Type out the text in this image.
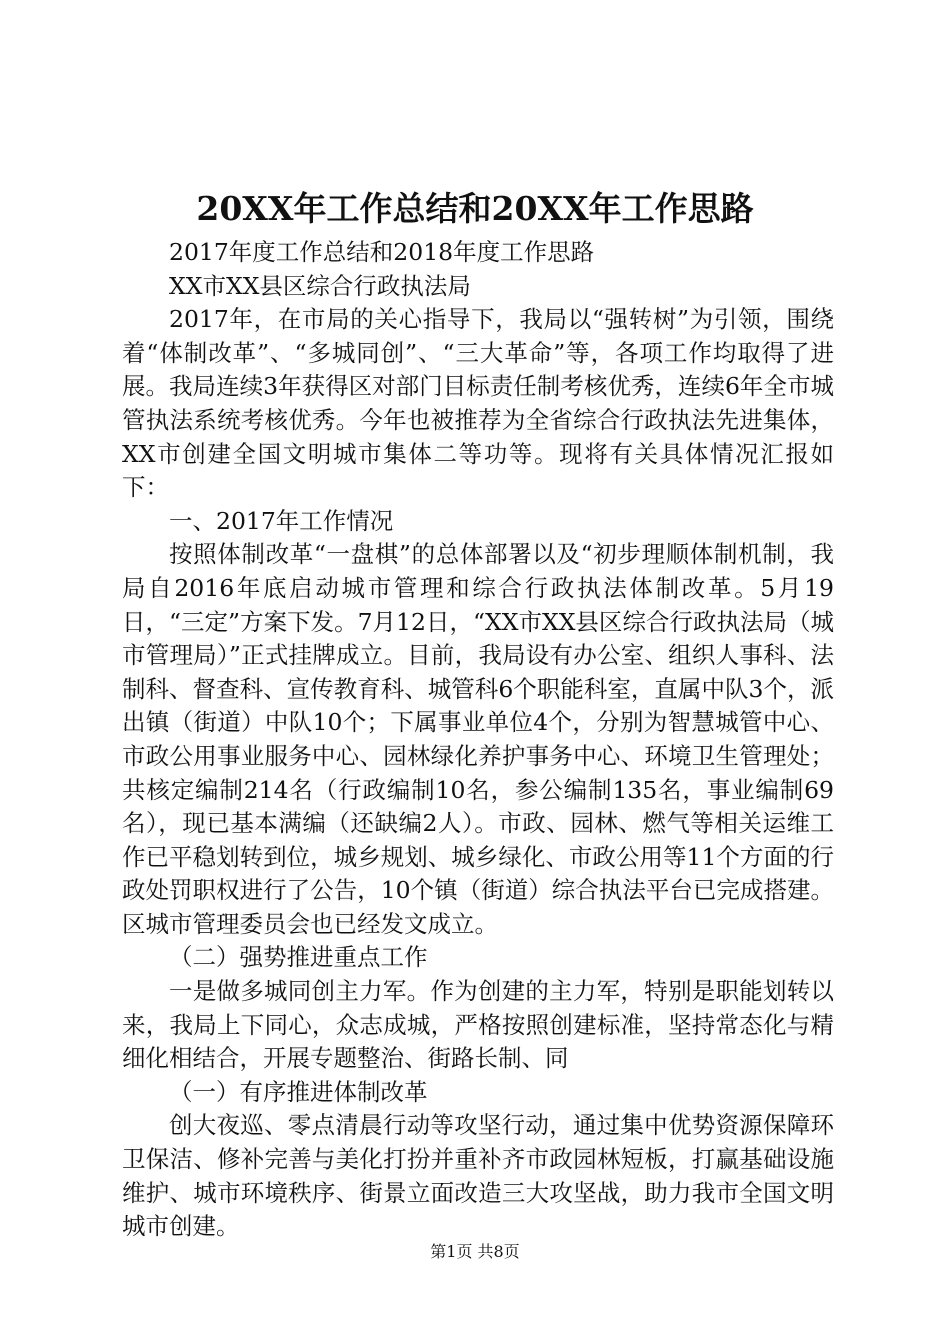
20XX年工作总结和20XX年工作思路

2017年度工作总结和2018年度工作思路

XX市XX县区综合行政执法局

2017年，在市局的关心指导下，我局以“强转树”为引领，围绕着“体制改革”、“多城同创”、“三大革命”等，各项工作均取得了进展。我局连续3年获得区对部门目标责任制考核优秀，连续6年全市城管执法系统考核优秀。今年也被推荐为全省综合行政执法先进集体，XX市创建全国文明城市集体二等功等。现将有关具体情况汇报如下：

一、2017年工作情况

按照体制改革“一盘棋”的总体部署以及“初步理顺体制机制，我局自2016年底启动城市管理和综合行政执法体制改革。5月19日，“三定”方案下发。7月12日，“XX市XX县区综合行政执法局（城市管理局）”正式挂牌成立。目前，我局设有办公室、组织人事科、法制科、督查科、宣传教育科、城管科6个职能科室，直属中队3个，派出镇（街道）中队10个；下属事业单位4个，分别为智慧城管中心、市政公用事业服务中心、园林绿化养护事务中心、环境卫生管理处；共核定编制214名（行政编制10名，参公编制135名，事业编制69名），现已基本满编（还缺编2人）。市政、园林、燃气等相关运维工作已平稳划转到位，城乡规划、城乡绿化、市政公用等11个方面的行政处罚职权进行了公告，10个镇（街道）综合执法平台已完成搭建。区城市管理委员会也已经发文成立。

（二）强势推进重点工作

一是做多城同创主力军。作为创建的主力军，特别是职能划转以来，我局上下同心，众志成城，严格按照创建标准，坚持常态化与精细化相结合，开展专题整治、街路长制、同

（一）有序推进体制改革

创大夜巡、零点清晨行动等攻坚行动，通过集中优势资源保障环卫保洁、修补完善与美化打扮并重补齐市政园林短板，打赢基础设施维护、城市环境秩序、街景立面改造三大攻坚战，助力我市全国文明城市创建。

第1页 共8页
